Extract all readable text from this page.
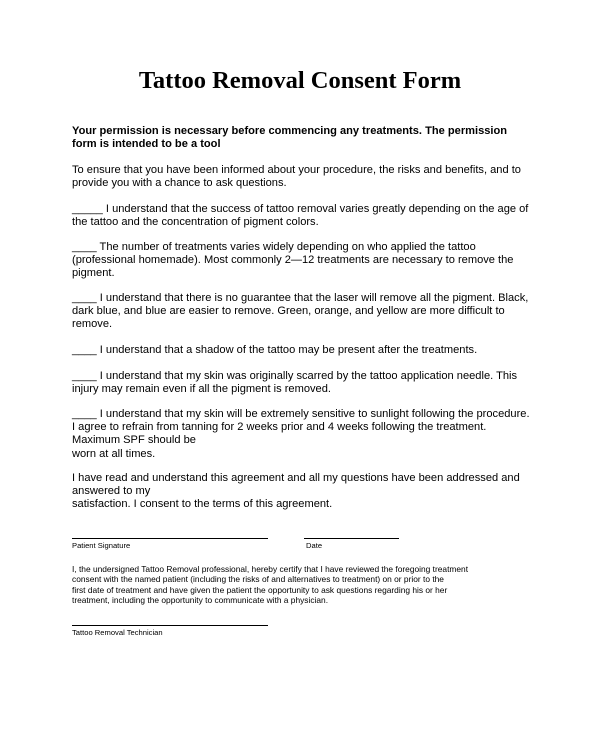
Tattoo Removal Consent Form

Your permission is necessary before commencing any treatments. The permission
form is intended to be a tool

To ensure that you have been informed about your procedure, the risks and benefits, and to
provide you with a chance to ask questions.

_____ I understand that the success of tattoo removal varies greatly depending on the age of
the tattoo and the concentration of pigment colors.

____ The number of treatments varies widely depending on who applied the tattoo
(professional homemade). Most commonly 2—12 treatments are necessary to remove the
pigment.

____ I understand that there is no guarantee that the laser will remove all the pigment. Black,
dark blue, and blue are easier to remove. Green, orange, and yellow are more difficult to
remove.

____ I understand that a shadow of the tattoo may be present after the treatments.

____ I understand that my skin was originally scarred by the tattoo application needle. This
injury may remain even if all the pigment is removed.

____ I understand that my skin will be extremely sensitive to sunlight following the procedure.
I agree to refrain from tanning for 2 weeks prior and 4 weeks following the treatment.
Maximum SPF should be
worn at all times.

I have read and understand this agreement and all my questions have been addressed and
answered to my
satisfaction. I consent to the terms of this agreement.

Patient Signature	Date

I, the undersigned Tattoo Removal professional, hereby certify that I have reviewed the foregoing treatment
consent with the named patient (including the risks of and alternatives to treatment) on or prior to the
first date of treatment and have given the patient the opportunity to ask questions regarding his or her
treatment, including the opportunity to communicate with a physician.

Tattoo Removal Technician
